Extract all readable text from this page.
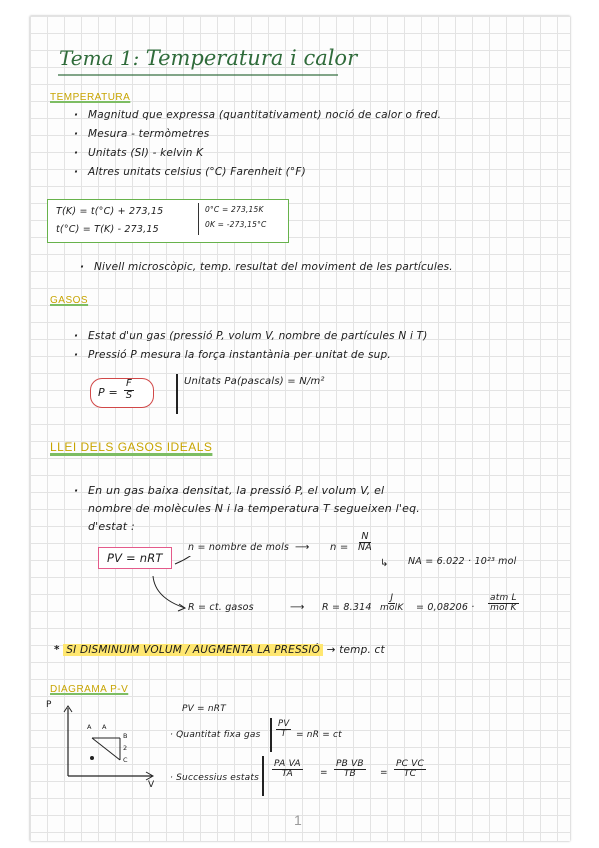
Tema 1: Temperatura i calor
TEMPERATURA
· Magnitud que expressa (quantitativament) noció de calor o fred.
· Mesura - termòmetres
· Unitats (SI) - kelvin K
· Altres unitats celsius (°C) Farenheit (°F)
T(K) = t(°C) + 273,15
t(°C) = T(K) - 273,15
0°C = 273,15K
0K = -273,15°C
· Nivell microscòpic, temp. resultat del moviment de les partícules.
GASOS
· Estat d'un gas (pressió P, volum V, nombre de partícules N i T)
· Pressió P mesura la força instantània per unitat de sup.
$P = \frac{F}{S}$	Unitats Pa(pascals) = N/m²
LLEI DELS GASOS IDEALS
· En un gas baixa densitat, la pressió P, el volum V, el
nombre de molècules N i la temperatura T segueixen l'eq.
d'estat :
PV = nRT
n = nombre de mols ⟶ $n = \frac{N}{NA}$
↳ NA = 6.022 · 10²³ mol
R = ct. gasos	⟶ R = 8.314
J
molK = 0,08206 ·
atm L
mol K
* SI DISMINUIM VOLUM / AUGMENTA LA PRESSIÓ → temp. ct
DIAGRAMA P-V
P
V
A A
B
2
C
PV = nRT
· Quantitat fixa gas $\frac{PV}{T}$ = nR = ct
· Successius estats $\frac{\text{PA VA}}{TA} = \frac{\text{PB VB}}{TB} = \frac{\text{PC VC}}{TC}$
1
